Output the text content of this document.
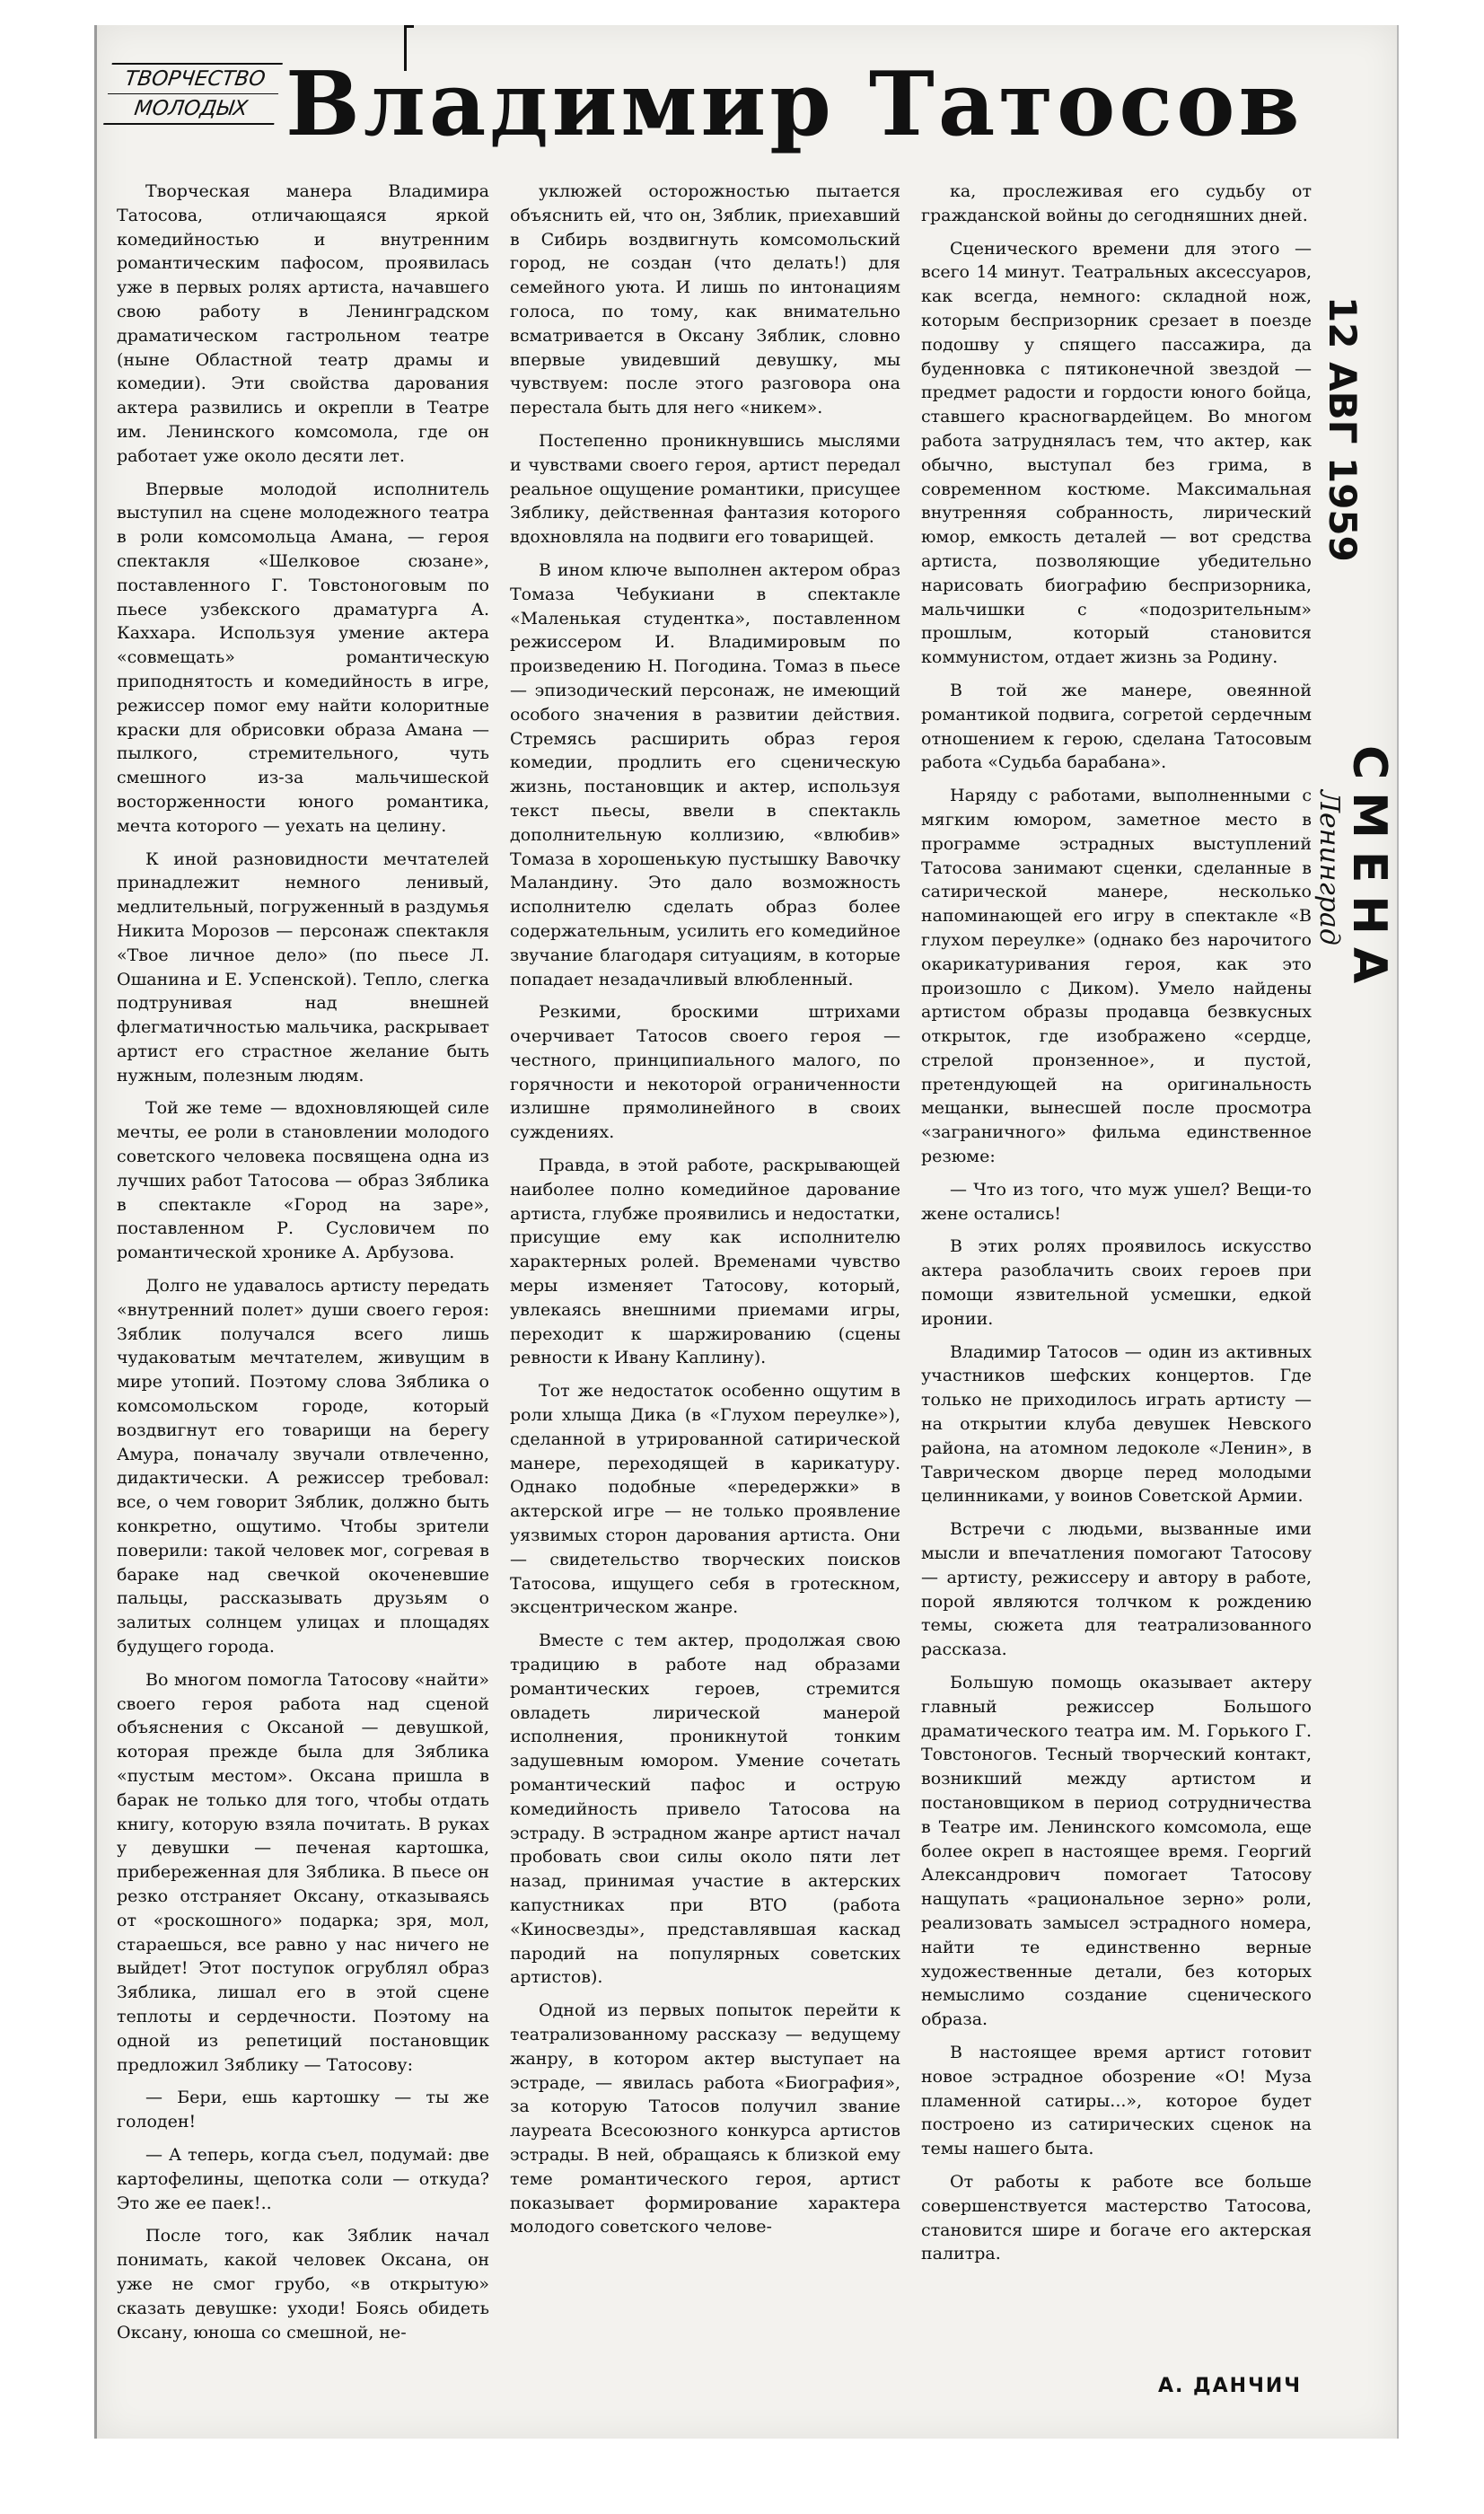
ТВОРЧЕСТВО
МОЛОДЫХ Владимир Татосов

Творческая манера Владимира Татосова, отличающаяся яркой комедийностью и внутренним романтическим пафосом, проявилась уже в первых ролях артиста, начавшего свою работу в Ленинградском драматическом гастрольном театре (ныне Областной театр драмы и комедии). Эти свойства дарования актера развились и окрепли в Театре им. Ленинского комсомола, где он работает уже около десяти лет.

Впервые молодой исполнитель выступил на сцене молодежного театра в роли комсомольца Амана, — героя спектакля «Шелковое сюзане», поставленного Г. Товстоноговым по пьесе узбекского драматурга А. Каххара. Используя умение актера «совмещать» романтическую приподнятость и комедийность в игре, режиссер помог ему найти колоритные краски для обрисовки образа Амана — пылкого, стремительного, чуть смешного из-за мальчишеской восторженности юного романтика, мечта которого — уехать на целину.

К иной разновидности мечтателей принадлежит немного ленивый, медлительный, погруженный в раздумья Никита Морозов — персонаж спектакля «Твое личное дело» (по пьесе Л. Ошанина и Е. Успенской). Тепло, слегка подтрунивая над внешней флегматичностью мальчика, раскрывает артист его страстное желание быть нужным, полезным людям.

Той же теме — вдохновляющей силе мечты, ее роли в становлении молодого советского человека посвящена одна из лучших работ Татосова — образ Зяблика в спектакле «Город на заре», поставленном Р. Сусловичем по романтической хронике А. Арбузова.

Долго не удавалось артисту передать «внутренний полет» души своего героя: Зяблик получался всего лишь чудаковатым мечтателем, живущим в мире утопий. Поэтому слова Зяблика о комсомольском городе, который воздвигнут его товарищи на берегу Амура, поначалу звучали отвлеченно, дидактически. А режиссер требовал: все, о чем говорит Зяблик, должно быть конкретно, ощутимо. Чтобы зрители поверили: такой человек мог, согревая в бараке над свечкой окоченевшие пальцы, рассказывать друзьям о залитых солнцем улицах и площадях будущего города.

Во многом помогла Татосову «найти» своего героя работа над сценой объяснения с Оксаной — девушкой, которая прежде была для Зяблика «пустым местом». Оксана пришла в барак не только для того, чтобы отдать книгу, которую взяла почитать. В руках у девушки — печеная картошка, прибереженная для Зяблика. В пьесе он резко отстраняет Оксану, отказываясь от «роскошного» подарка; зря, мол, стараешься, все равно у нас ничего не выйдет! Этот поступок огрублял образ Зяблика, лишал его в этой сцене теплоты и сердечности. Поэтому на одной из репетиций постановщик предложил Зяблику — Татосову:

— Бери, ешь картошку — ты же голоден!

— А теперь, когда съел, подумай: две картофелины, щепотка соли — откуда? Это же ее паек!..

После того, как Зяблик начал понимать, какой человек Оксана, он уже не смог грубо, «в открытую» сказать девушке: уходи! Боясь обидеть Оксану, юноша со смешной, не-

уклюжей осторожностью пытается объяснить ей, что он, Зяблик, приехавший в Сибирь воздвигнуть комсомольский город, не создан (что делать!) для семейного уюта. И лишь по интонациям голоса, по тому, как внимательно всматривается в Оксану Зяблик, словно впервые увидевший девушку, мы чувствуем: после этого разговора она перестала быть для него «никем».

Постепенно проникнувшись мыслями и чувствами своего героя, артист передал реальное ощущение романтики, присущее Зяблику, действенная фантазия которого вдохновляла на подвиги его товарищей.

В ином ключе выполнен актером образ Томаза Чебукиани в спектакле «Маленькая студентка», поставленном режиссером И. Владимировым по произведению Н. Погодина. Томаз в пьесе — эпизодический персонаж, не имеющий особого значения в развитии действия. Стремясь расширить образ героя комедии, продлить его сценическую жизнь, постановщик и актер, используя текст пьесы, ввели в спектакль дополнительную коллизию, «влюбив» Томаза в хорошенькую пустышку Вавочку Маландину. Это дало возможность исполнителю сделать образ более содержательным, усилить его комедийное звучание благодаря ситуациям, в которые попадает незадачливый влюбленный.

Резкими, броскими штрихами очерчивает Татосов своего героя — честного, принципиального малого, по горячности и некоторой ограниченности излишне прямолинейного в своих суждениях.

Правда, в этой работе, раскрывающей наиболее полно комедийное дарование артиста, глубже проявились и недостатки, присущие ему как исполнителю характерных ролей. Временами чувство меры изменяет Татосову, который, увлекаясь внешними приемами игры, переходит к шаржированию (сцены ревности к Ивану Каплину).

Тот же недостаток особенно ощутим в роли хлыща Дика (в «Глухом переулке»), сделанной в утрированной сатирической манере, переходящей в карикатуру. Однако подобные «передержки» в актерской игре — не только проявление уязвимых сторон дарования артиста. Они — свидетельство творческих поисков Татосова, ищущего себя в гротескном, эксцентрическом жанре.

Вместе с тем актер, продолжая свою традицию в работе над образами романтических героев, стремится овладеть лирической манерой исполнения, проникнутой тонким задушевным юмором. Умение сочетать романтический пафос и острую комедийность привело Татосова на эстраду. В эстрадном жанре артист начал пробовать свои силы около пяти лет назад, принимая участие в актерских капустниках при ВТО (работа «Киносвезды», представлявшая каскад пародий на популярных советских артистов).

Одной из первых попыток перейти к театрализованному рассказу — ведущему жанру, в котором актер выступает на эстраде, — явилась работа «Биография», за которую Татосов получил звание лауреата Всесоюзного конкурса артистов эстрады. В ней, обращаясь к близкой ему теме романтического героя, артист показывает формирование характера молодого советского челове-

ка, прослеживая его судьбу от гражданской войны до сегодняшних дней.

Сценического времени для этого — всего 14 минут. Театральных аксессуаров, как всегда, немного: складной нож, которым беспризорник срезает в поезде подошву у спящего пассажира, да буденновка с пятиконечной звездой — предмет радости и гордости юного бойца, ставшего красногвардейцем. Во многом работа затрудняласъ тем, что актер, как обычно, выступал без грима, в современном костюме. Максимальная внутренняя собранность, лирический юмор, емкость деталей — вот средства артиста, позволяющие убедительно нарисовать биографию беспризорника, мальчишки с «подозрительным» прошлым, который становится коммунистом, отдает жизнь за Родину.

В той же манере, овеянной романтикой подвига, согретой сердечным отношением к герою, сделана Татосовым работа «Судьба барабана».

Наряду с работами, выполненными с мягким юмором, заметное место в программе эстрадных выступлений Татосова занимают сценки, сделанные в сатирической манере, несколько напоминающей его игру в спектакле «В глухом переулке» (однако без нарочитого окарикатуривания героя, как это произошло с Диком). Умело найдены артистом образы продавца безвкусных открыток, где изображено «сердце, стрелой пронзенное», и пустой, претендующей на оригинальность мещанки, вынесшей после просмотра «заграничного» фильма единственное резюме:

— Что из того, что муж ушел? Вещи-то жене остались!

В этих ролях проявилось искусство актера разоблачить своих героев при помощи язвительной усмешки, едкой иронии.

Владимир Татосов — один из активных участников шефских концертов. Где только не приходилось играть артисту — на открытии клуба девушек Невского района, на атомном ледоколе «Ленин», в Таврическом дворце перед молодыми целинниками, у воинов Советской Армии.

Встречи с людьми, вызванные ими мысли и впечатления помогают Татосову — артисту, режиссеру и автору в работе, порой являются толчком к рождению темы, сюжета для театрализованного рассказа.

Большую помощь оказывает актеру главный режиссер Большого драматического театра им. М. Горького Г. Товстоногов. Тесный творческий контакт, возникший между артистом и постановщиком в период сотрудничества в Театре им. Ленинского комсомола, еще более окреп в настоящее время. Георгий Александрович помогает Татосову нащупать «рациональное зерно» роли, реализовать замысел эстрадного номера, найти те единственно верные художественные детали, без которых немыслимо создание сценического образа.

В настоящее время артист готовит новое эстрадное обозрение «О! Муза пламенной сатиры...», которое будет построено из сатирических сценок на темы нашего быта.

От работы к работе все больше совершенствуется мастерство Татосова, становится шире и богаче его актерская палитра.

А. ДАНЧИЧ
СМЕНА
Ленинград
